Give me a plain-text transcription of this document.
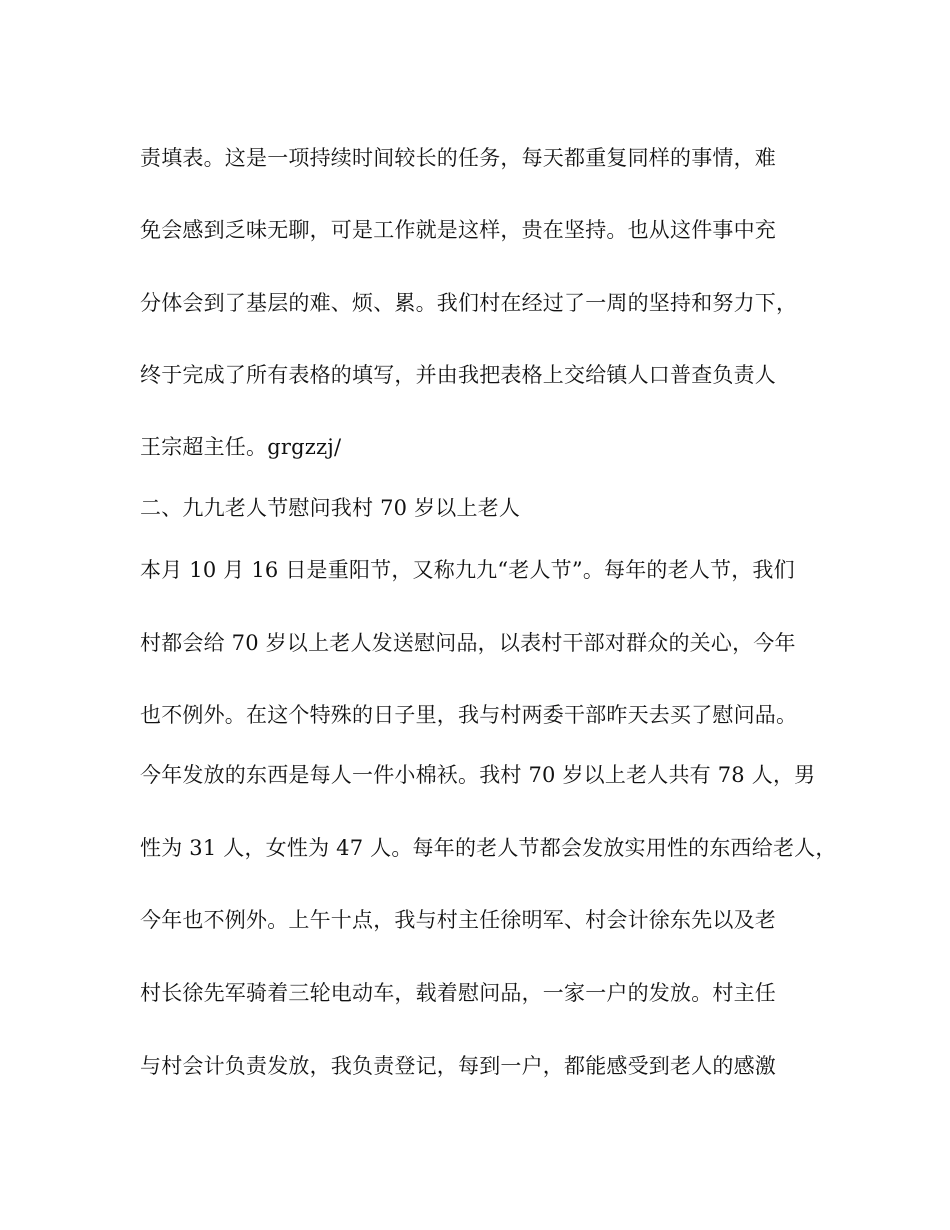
责填表。这是一项持续时间较长的任务，每天都重复同样的事情，难

免会感到乏味无聊，可是工作就是这样，贵在坚持。也从这件事中充

分体会到了基层的难、烦、累。我们村在经过了一周的坚持和努力下，

终于完成了所有表格的填写，并由我把表格上交给镇人口普查负责人

王宗超主任。grgzzj/

二、九九老人节慰问我村 70 岁以上老人

本月 10 月 16 日是重阳节，又称九九“老人节”。每年的老人节，我们

村都会给 70 岁以上老人发送慰问品，以表村干部对群众的关心，今年

也不例外。在这个特殊的日子里，我与村两委干部昨天去买了慰问品。

今年发放的东西是每人一件小棉袄。我村 70 岁以上老人共有 78 人，男

性为 31 人，女性为 47 人。每年的老人节都会发放实用性的东西给老人，

今年也不例外。上午十点，我与村主任徐明军、村会计徐东先以及老

村长徐先军骑着三轮电动车，载着慰问品，一家一户的发放。村主任

与村会计负责发放，我负责登记，每到一户，都能感受到老人的感激
